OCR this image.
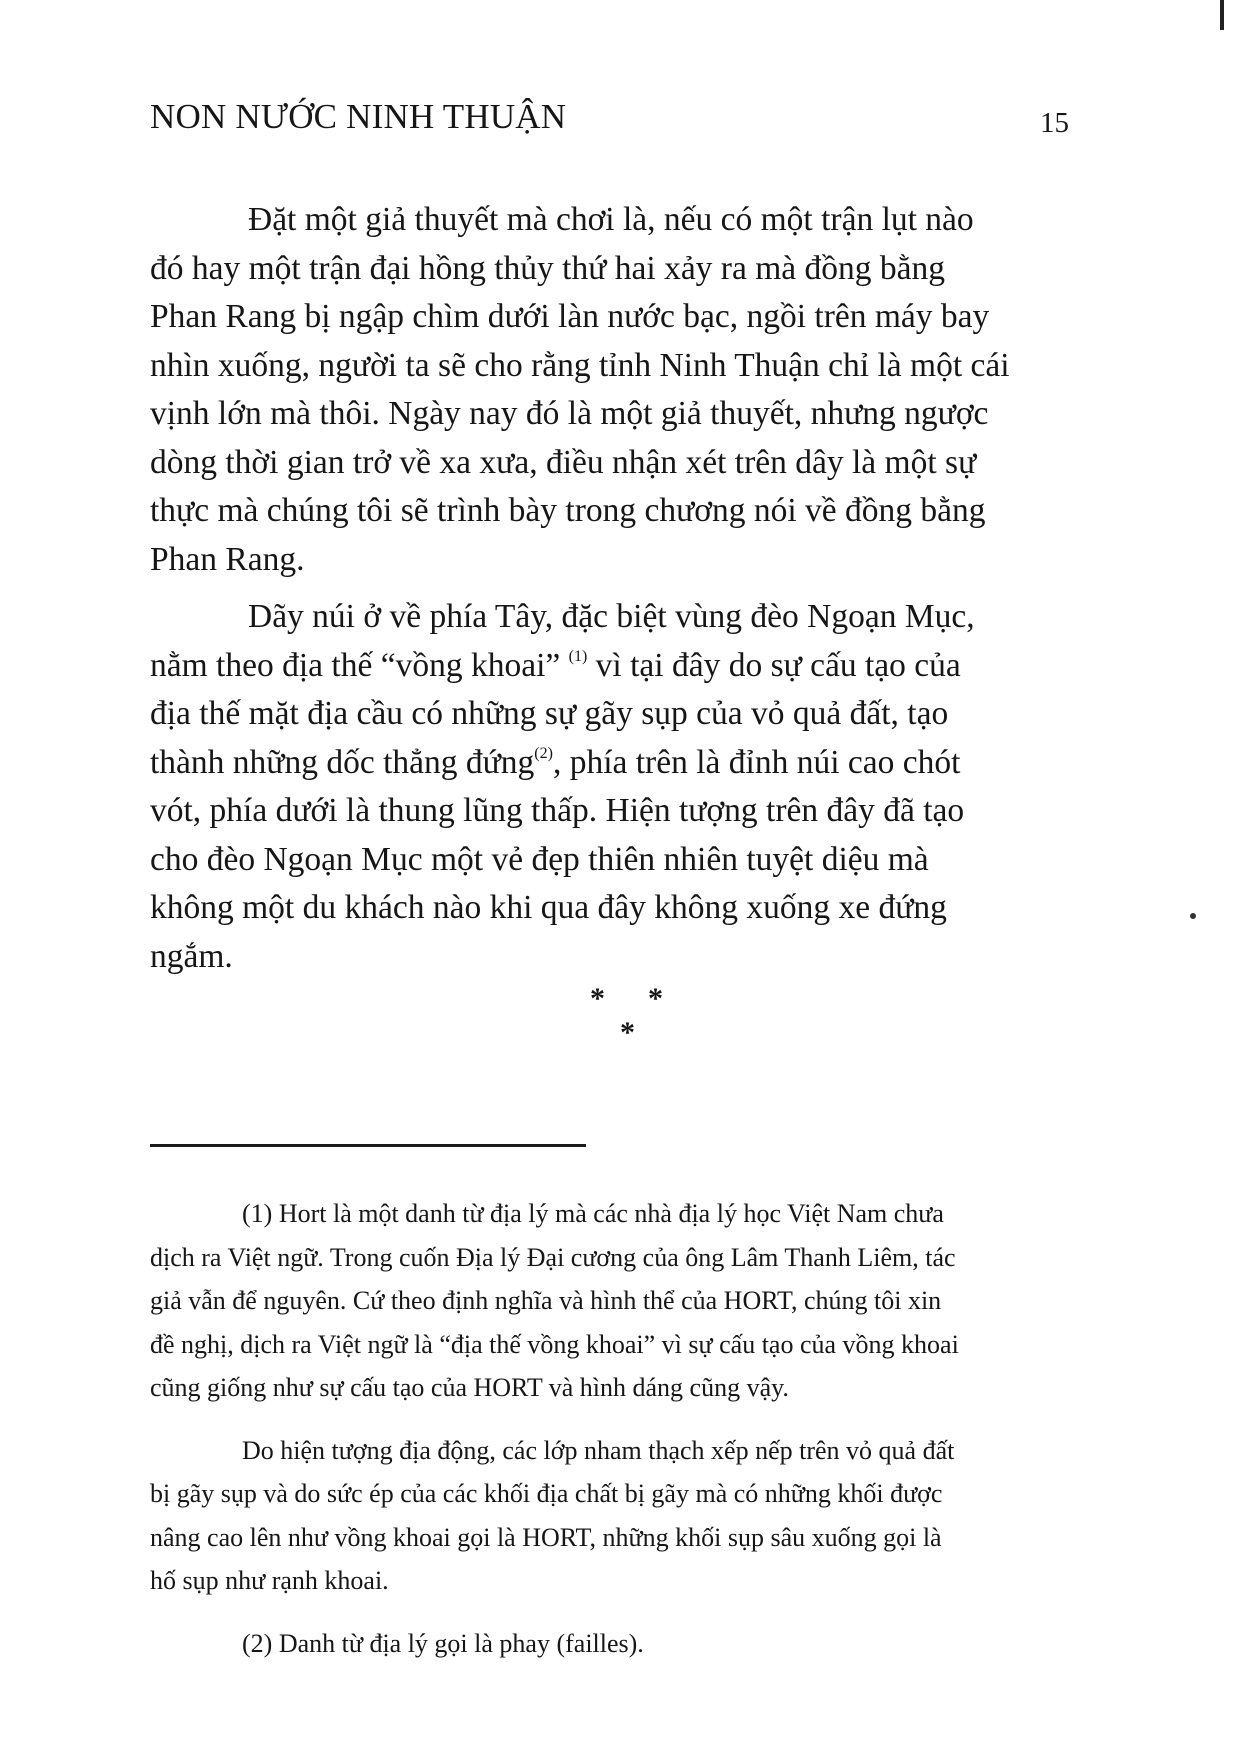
NON NƯỚC NINH THUẬN	15
Đặt một giả thuyết mà chơi là, nếu có một trận lụt nào
đó hay một trận đại hồng thủy thứ hai xảy ra mà đồng bằng
Phan Rang bị ngập chìm dưới làn nước bạc, ngồi trên máy bay
nhìn xuống, người ta sẽ cho rằng tỉnh Ninh Thuận chỉ là một cái
vịnh lớn mà thôi. Ngày nay đó là một giả thuyết, nhưng ngược
dòng thời gian trở về xa xưa, điều nhận xét trên dây là một sự
thực mà chúng tôi sẽ trình bày trong chương nói về đồng bằng
Phan Rang.
Dãy núi ở về phía Tây, đặc biệt vùng đèo Ngoạn Mục,
nằm theo địa thế “vồng khoai” $^{(1)}$ vì tại đây do sự cấu tạo của
địa thế mặt địa cầu có những sự gãy sụp của vỏ quả đất, tạo
thành những dốc thẳng đứng$^{(2)}$, phía trên là đỉnh núi cao chót
vót, phía dưới là thung lũng thấp. Hiện tượng trên đây đã tạo
cho đèo Ngoạn Mục một vẻ đẹp thiên nhiên tuyệt diệu mà
không một du khách nào khi qua đây không xuống xe đứng
ngắm.
* *
*
(1) Hort là một danh từ địa lý mà các nhà địa lý học Việt Nam chưa
dịch ra Việt ngữ. Trong cuốn Địa lý Đại cương của ông Lâm Thanh Liêm, tác
giả vẫn để nguyên. Cứ theo định nghĩa và hình thể của HORT, chúng tôi xin
đề nghị, dịch ra Việt ngữ là “địa thế vồng khoai” vì sự cấu tạo của vồng khoai
cũng giống như sự cấu tạo của HORT và hình dáng cũng vậy.
Do hiện tượng địa động, các lớp nham thạch xếp nếp trên vỏ quả đất
bị gãy sụp và do sức ép của các khối địa chất bị gãy mà có những khối được
nâng cao lên như vồng khoai gọi là HORT, những khối sụp sâu xuống gọi là
hố sụp như rạnh khoai.
(2) Danh từ địa lý gọi là phay (failles).
